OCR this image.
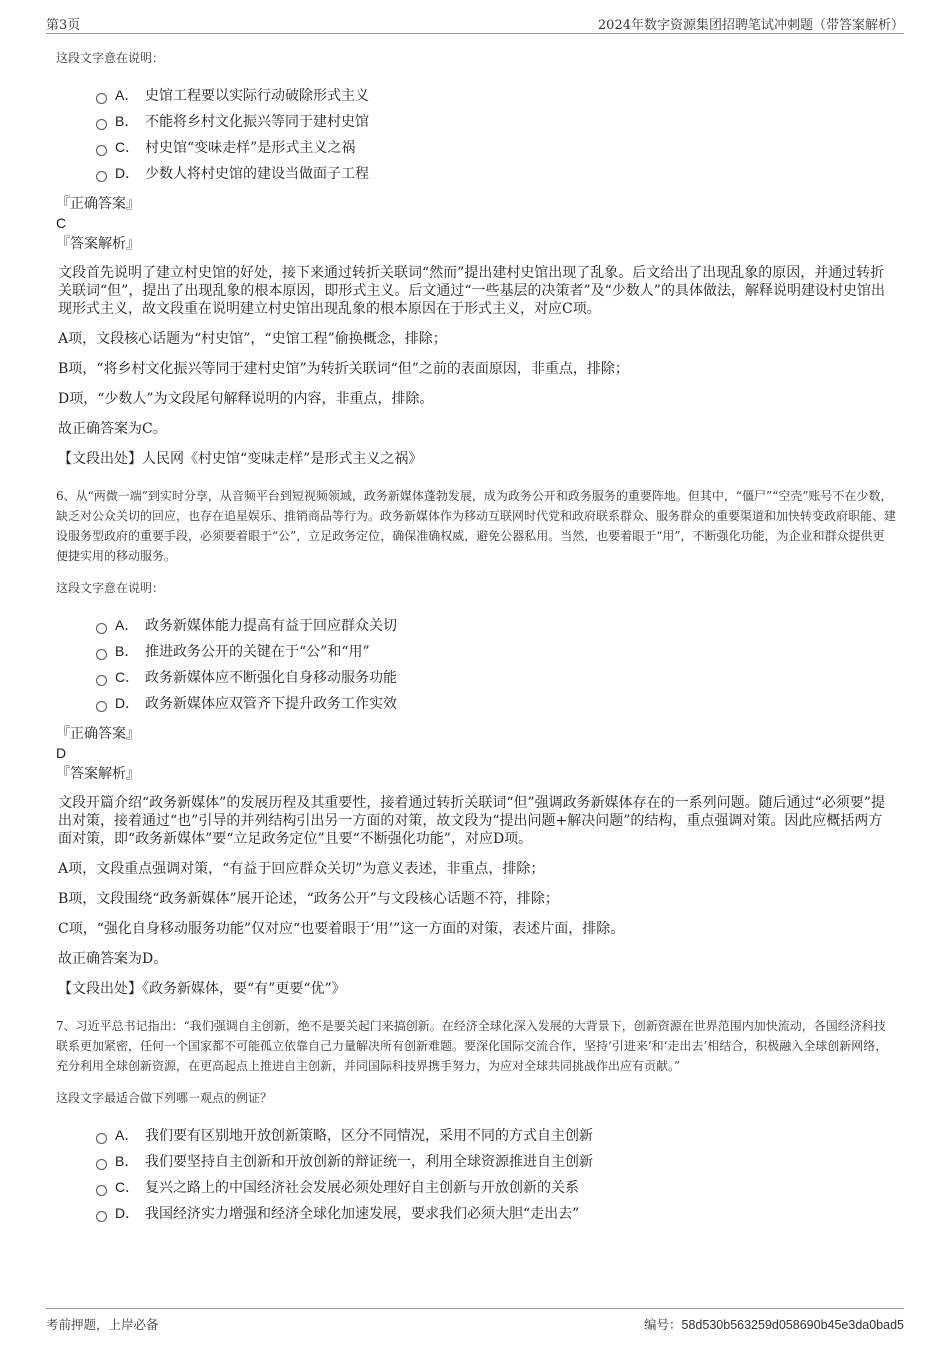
第3页	2024年数字资源集团招聘笔试冲刺题（带答案解析）
这段文字意在说明：
A． 史馆工程要以实际行动破除形式主义
B． 不能将乡村文化振兴等同于建村史馆
C． 村史馆“变味走样”是形式主义之祸
D． 少数人将村史馆的建设当做面子工程
『正确答案』
C
『答案解析』
文段首先说明了建立村史馆的好处，接下来通过转折关联词“然而”提出建村史馆出现了乱象。后文给出了出现乱象的原因，并通过转折关联词“但”，提出了出现乱象的根本原因，即形式主义。后文通过“一些基层的决策者”及“少数人”的具体做法，解释说明建设村史馆出现形式主义，故文段重在说明建立村史馆出现乱象的根本原因在于形式主义，对应C项。
A项，文段核心话题为“村史馆”，“史馆工程”偷换概念，排除；
B项，“将乡村文化振兴等同于建村史馆”为转折关联词“但”之前的表面原因，非重点，排除；
D项，“少数人”为文段尾句解释说明的内容，非重点，排除。
故正确答案为C。
【文段出处】人民网《村史馆“变味走样”是形式主义之祸》
6、从“两微一端”到实时分享，从音频平台到短视频领域，政务新媒体蓬勃发展，成为政务公开和政务服务的重要阵地。但其中，“僵尸”“空壳”账号不在少数，缺乏对公众关切的回应，也存在追星娱乐、推销商品等行为。政务新媒体作为移动互联网时代党和政府联系群众、服务群众的重要渠道和加快转变政府职能、建设服务型政府的重要手段，必须要着眼于“公”，立足政务定位，确保准确权威，避免公器私用。当然，也要着眼于“用”，不断强化功能，为企业和群众提供更便捷实用的移动服务。
这段文字意在说明：
A． 政务新媒体能力提高有益于回应群众关切
B． 推进政务公开的关键在于“公”和“用”
C． 政务新媒体应不断强化自身移动服务功能
D． 政务新媒体应双管齐下提升政务工作实效
『正确答案』
D
『答案解析』
文段开篇介绍“政务新媒体”的发展历程及其重要性，接着通过转折关联词“但”强调政务新媒体存在的一系列问题。随后通过“必须要”提出对策，接着通过“也”引导的并列结构引出另一方面的对策，故文段为“提出问题+解决问题”的结构，重点强调对策。因此应概括两方面对策，即“政务新媒体”要“立足政务定位”且要“不断强化功能”，对应D项。
A项，文段重点强调对策，“有益于回应群众关切”为意义表述，非重点，排除；
B项，文段围绕“政务新媒体”展开论述，“政务公开”与文段核心话题不符，排除；
C项，“强化自身移动服务功能”仅对应“也要着眼于‘用’”这一方面的对策，表述片面，排除。
故正确答案为D。
【文段出处】《政务新媒体，要“有”更要“优”》
7、习近平总书记指出：“我们强调自主创新，绝不是要关起门来搞创新。在经济全球化深入发展的大背景下，创新资源在世界范围内加快流动，各国经济科技联系更加紧密，任何一个国家都不可能孤立依靠自己力量解决所有创新难题。要深化国际交流合作，坚持‘引进来’和‘走出去’相结合，积极融入全球创新网络，充分利用全球创新资源，在更高起点上推进自主创新，并同国际科技界携手努力，为应对全球共同挑战作出应有贡献。”
这段文字最适合做下列哪一观点的例证？
A． 我们要有区别地开放创新策略，区分不同情况，采用不同的方式自主创新
B． 我们要坚持自主创新和开放创新的辩证统一，利用全球资源推进自主创新
C． 复兴之路上的中国经济社会发展必须处理好自主创新与开放创新的关系
D． 我国经济实力增强和经济全球化加速发展，要求我们必须大胆“走出去”
考前押题，上岸必备	编号：58d530b563259d058690b45e3da0bad5
